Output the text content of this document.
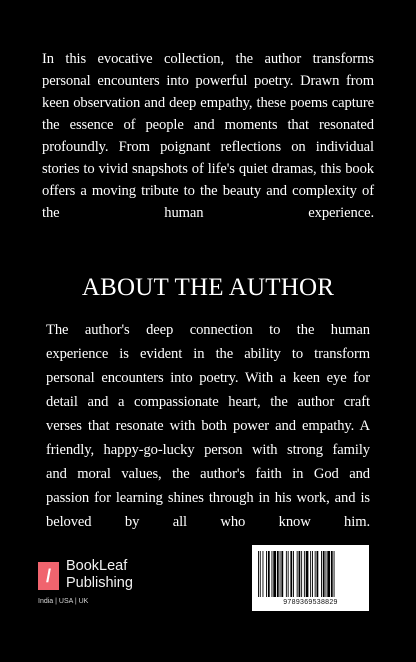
In this evocative collection, the author transforms

personal encounters into powerful poetry. Drawn from

keen observation and deep empathy, these poems capture

the essence of people and moments that resonated

profoundly. From poignant reflections on individual

stories to vivid snapshots of life's quiet dramas, this book

offers a moving tribute to the beauty and complexity of

the human experience.

ABOUT THE AUTHOR

The author's deep connection to the human

experience is evident in the ability to transform

personal encounters into poetry. With a keen eye for

detail and a compassionate heart, the author craft

verses that resonate with both power and empathy. A

friendly, happy-go-lucky person with strong family

and moral values, the author's faith in God and

passion for learning shines through in his work, and is

beloved by all who know him.

/ BookLeaf
Publishing
India | USA | UK	9789369538829
